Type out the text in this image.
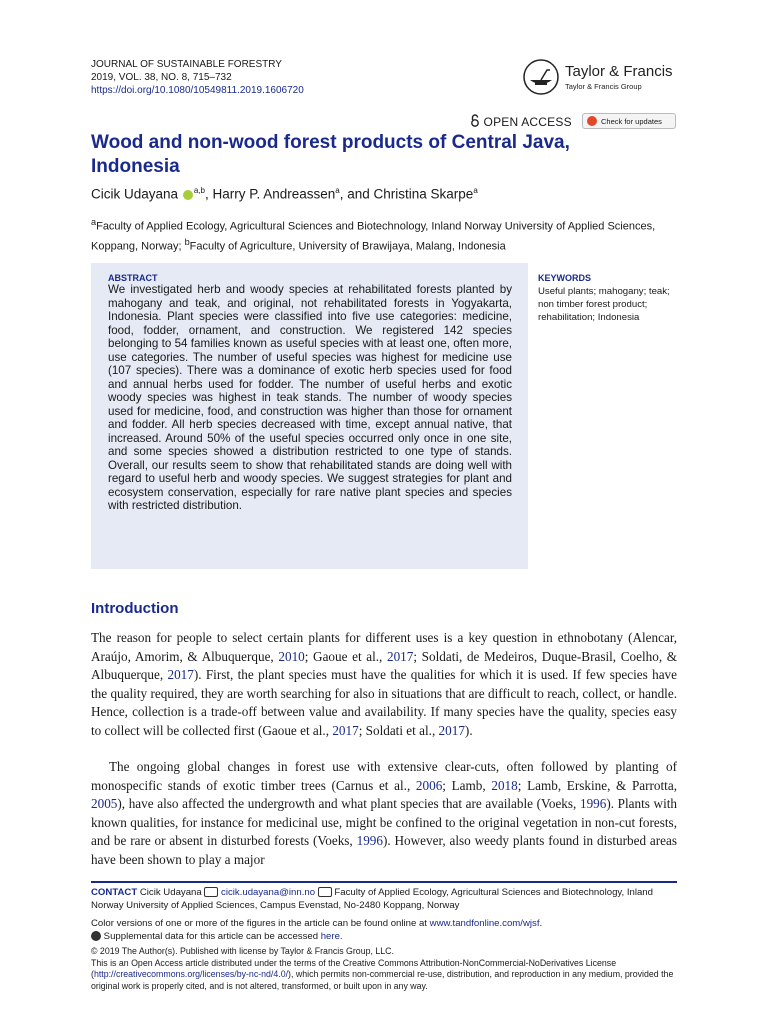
JOURNAL OF SUSTAINABLE FORESTRY
2019, VOL. 38, NO. 8, 715–732
https://doi.org/10.1080/10549811.2019.1606720
Taylor & Francis
Taylor & Francis Group
OPEN ACCESS	Check for updates
Wood and non-wood forest products of Central Java, Indonesia
Cicik Udayana $^{a,b}$, Harry P. Andreassen$^a$, and Christina Skarpe$^a$
$^a$Faculty of Applied Ecology, Agricultural Sciences and Biotechnology, Inland Norway University of Applied Sciences, Koppang, Norway; $^b$Faculty of Agriculture, University of Brawijaya, Malang, Indonesia
ABSTRACT
We investigated herb and woody species at rehabilitated forests planted by mahogany and teak, and original, not rehabilitated forests in Yogyakarta, Indonesia. Plant species were classified into five use categories: medicine, food, fodder, ornament, and construction. We registered 142 species belonging to 54 families known as useful species with at least one, often more, use categories. The number of useful species was highest for medicine use (107 species). There was a dominance of exotic herb species used for food and annual herbs used for fodder. The number of useful herbs and exotic woody species was highest in teak stands. The number of woody species used for medicine, food, and construction was higher than those for ornament and fodder. All herb species decreased with time, except annual native, that increased. Around 50% of the useful species occurred only once in one site, and some species showed a distribution restricted to one type of stands. Overall, our results seem to show that rehabilitated stands are doing well with regard to useful herb and woody species. We suggest strategies for plant and ecosystem conservation, especially for rare native plant species and species with restricted distribution.
KEYWORDS
Useful plants; mahogany; teak; non timber forest product; rehabilitation; Indonesia
Introduction
The reason for people to select certain plants for different uses is a key question in ethnobotany (Alencar, Araújo, Amorim, & Albuquerque, 2010; Gaoue et al., 2017; Soldati, de Medeiros, Duque-Brasil, Coelho, & Albuquerque, 2017). First, the plant species must have the qualities for which it is used. If few species have the quality required, they are worth searching for also in situations that are difficult to reach, collect, or handle. Hence, collection is a trade-off between value and availability. If many species have the quality, species easy to collect will be collected first (Gaoue et al., 2017; Soldati et al., 2017).
The ongoing global changes in forest use with extensive clear-cuts, often followed by planting of monospecific stands of exotic timber trees (Carnus et al., 2006; Lamb, 2018; Lamb, Erskine, & Parrotta, 2005), have also affected the undergrowth and what plant species that are available (Voeks, 1996). Plants with known qualities, for instance for medicinal use, might be confined to the original vegetation in non-cut forests, and be rare or absent in disturbed forests (Voeks, 1996). However, also weedy plants found in disturbed areas have been shown to play a major
CONTACT Cicik Udayana  cicik.udayana@inn.no  Faculty of Applied Ecology, Agricultural Sciences and Biotechnology, Inland Norway University of Applied Sciences, Campus Evenstad, No-2480 Koppang, Norway
Color versions of one or more of the figures in the article can be found online at www.tandfonline.com/wjsf.
Supplemental data for this article can be accessed here.
© 2019 The Author(s). Published with license by Taylor & Francis Group, LLC.
This is an Open Access article distributed under the terms of the Creative Commons Attribution-NonCommercial-NoDerivatives License (http://creativecommons.org/licenses/by-nc-nd/4.0/), which permits non-commercial re-use, distribution, and reproduction in any medium, provided the original work is properly cited, and is not altered, transformed, or built upon in any way.
